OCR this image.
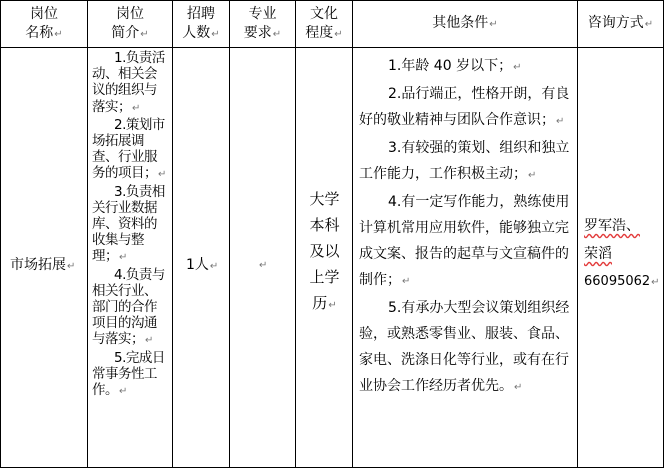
岗位
名称↵
岗位
简介↵
招聘
人数↵
专业
要求↵
文化
程度↵
其他条件↵	咨询方式↵
市场拓展↵

1.负责活动、相关会议的组织与落实；↵

2.策划市场拓展调查、行业服务的项目；↵

3.负责相关行业数据库、资料的收集与整理；↵

4.负责与相关行业、部门的合作项目的沟通与落实；↵

5.完成日常事务性工作。↵

1人↵	↵
大学
本科
及以
上学
历↵

1.年龄 40 岁以下；↵

2.品行端正，性格开朗，有良好的敬业精神与团队合作意识；↵

3.有较强的策划、组织和独立工作能力，工作积极主动；↵

4.有一定写作能力，熟练使用计算机常用应用软件，能够独立完成文案、报告的起草与文宣稿件的制作；↵

5.有承办大型会议策划组织经验，或熟悉零售业、服装、食品、家电、洗涤日化等行业，或有在行业协会工作经历者优先。↵

罗军浩、
荣滔
66095062↵
